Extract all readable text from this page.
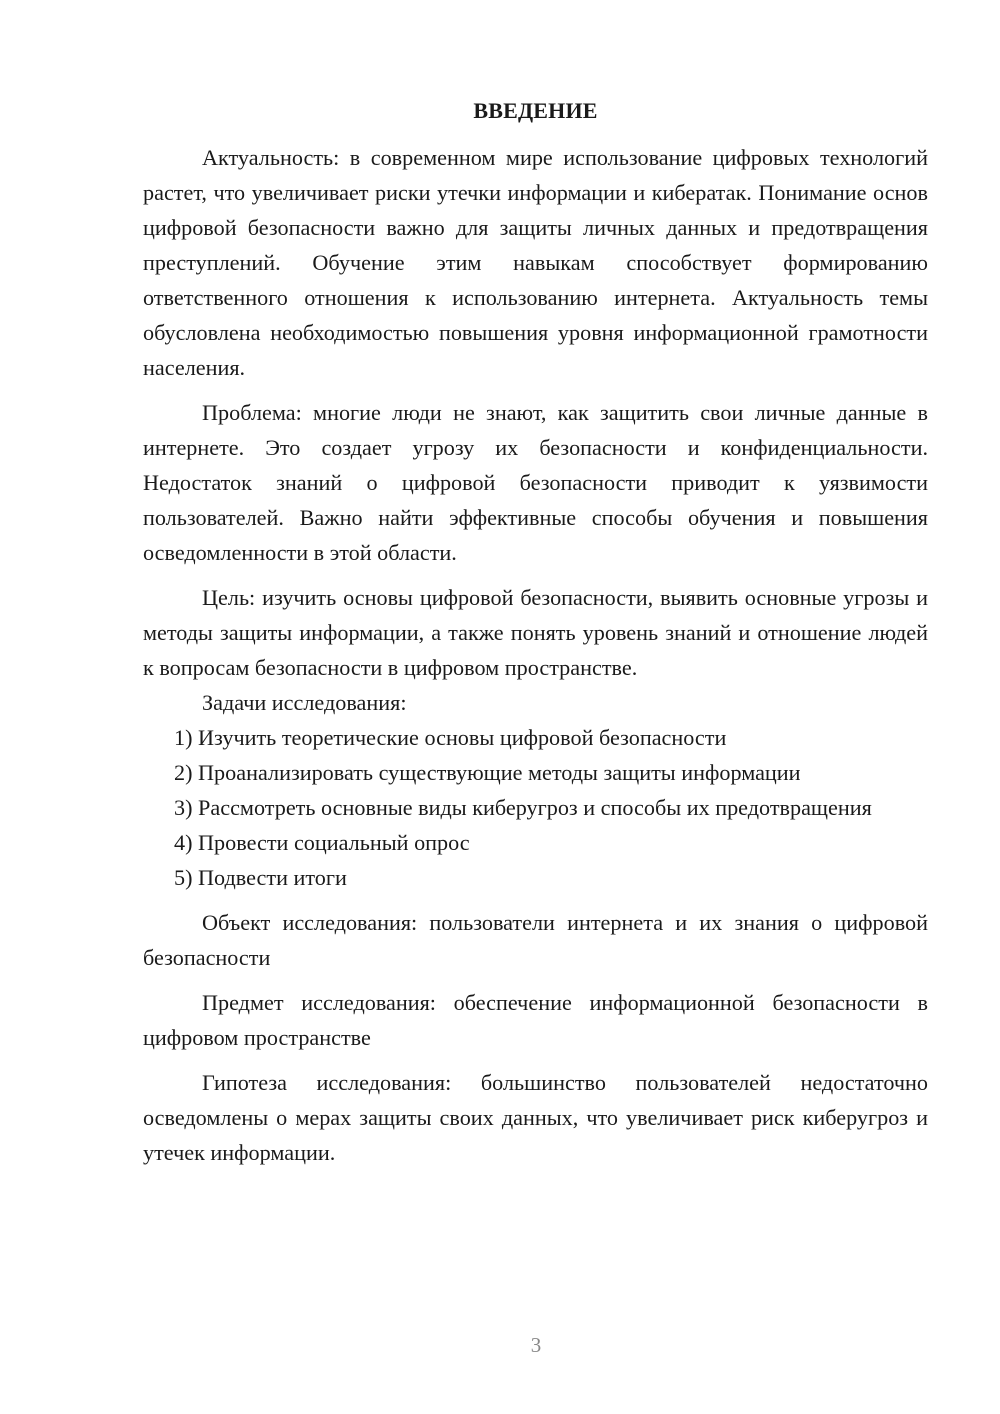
ВВЕДЕНИЕ

Актуальность: в современном мире использование цифровых технологий растет, что увеличивает риски утечки информации и кибератак. Понимание основ цифровой безопасности важно для защиты личных данных и предотвращения преступлений. Обучение этим навыкам способствует формированию ответственного отношения к использованию интернета. Актуальность темы обусловлена необходимостью повышения уровня информационной грамотности населения.

Проблема: многие люди не знают, как защитить свои личные данные в интернете. Это создает угрозу их безопасности и конфиденциальности. Недостаток знаний о цифровой безопасности приводит к уязвимости пользователей. Важно найти эффективные способы обучения и повышения осведомленности в этой области.

Цель: изучить основы цифровой безопасности, выявить основные угрозы и методы защиты информации, а также понять уровень знаний и отношение людей к вопросам безопасности в цифровом пространстве.

Задачи исследования:

1) Изучить теоретические основы цифровой безопасности

2) Проанализировать существующие методы защиты информации

3) Рассмотреть основные виды киберугроз и способы их предотвращения

4) Провести социальный опрос

5) Подвести итоги

Объект исследования: пользователи интернета и их знания о цифровой безопасности

Предмет исследования: обеспечение информационной безопасности в цифровом пространстве

Гипотеза исследования: большинство пользователей недостаточно осведомлены о мерах защиты своих данных, что увеличивает риск киберугроз и утечек информации.

3
